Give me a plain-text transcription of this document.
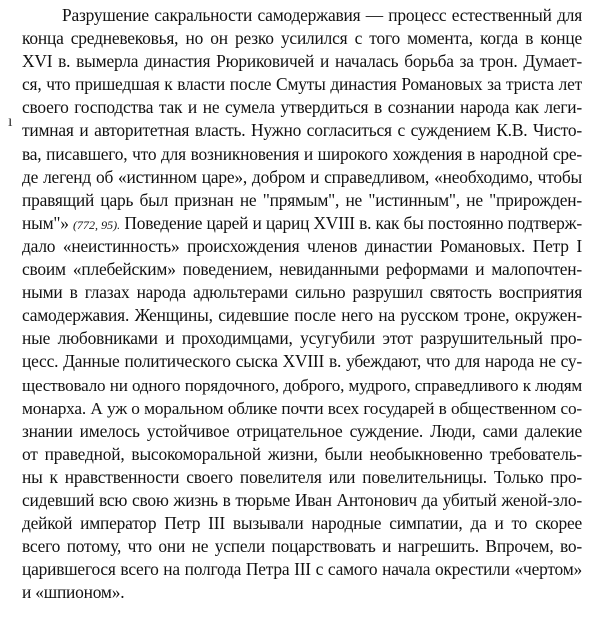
ı
Разрушение сакральности самодержавия — процесс естественный для
конца средневековья, но он резко усилился с того момента, когда в конце
XVI в. вымерла династия Рюриковичей и началась борьба за трон. Думает-
ся, что пришедшая к власти после Смуты династия Романовых за триста лет
своего господства так и не сумела утвердиться в сознании народа как леги-
тимная и авторитетная власть. Нужно согласиться с суждением К.В. Чисто-
ва, писавшего, что для возникновения и широкого хождения в народной сре-
де легенд об «истинном царе», добром и справедливом, «необходимо, чтобы
правящий царь был признан не "прямым", не "истинным", не "прирожден-
ным"» (772, 95). Поведение царей и цариц XVIII в. как бы постоянно подтверж-
дало «неистинность» происхождения членов династии Романовых. Петр I
своим «плебейским» поведением, невиданными реформами и малопочтен-
ными в глазах народа адюльтерами сильно разрушил святость восприятия
самодержавия. Женщины, сидевшие после него на русском троне, окружен-
ные любовниками и проходимцами, усугубили этот разрушительный про-
цесс. Данные политического сыска XVIII в. убеждают, что для народа не су-
ществовало ни одного порядочного, доброго, мудрого, справедливого к людям
монарха. А уж о моральном облике почти всех государей в общественном со-
знании имелось устойчивое отрицательное суждение. Люди, сами далекие
от праведной, высокоморальной жизни, были необыкновенно требователь-
ны к нравственности своего повелителя или повелительницы. Только про-
сидевший всю свою жизнь в тюрьме Иван Антонович да убитый женой-зло-
дейкой император Петр III вызывали народные симпатии, да и то скорее
всего потому, что они не успели поцарствовать и нагрешить. Впрочем, во-
царившегося всего на полгода Петра III с самого начала окрестили «чертом»
и «шпионом».
